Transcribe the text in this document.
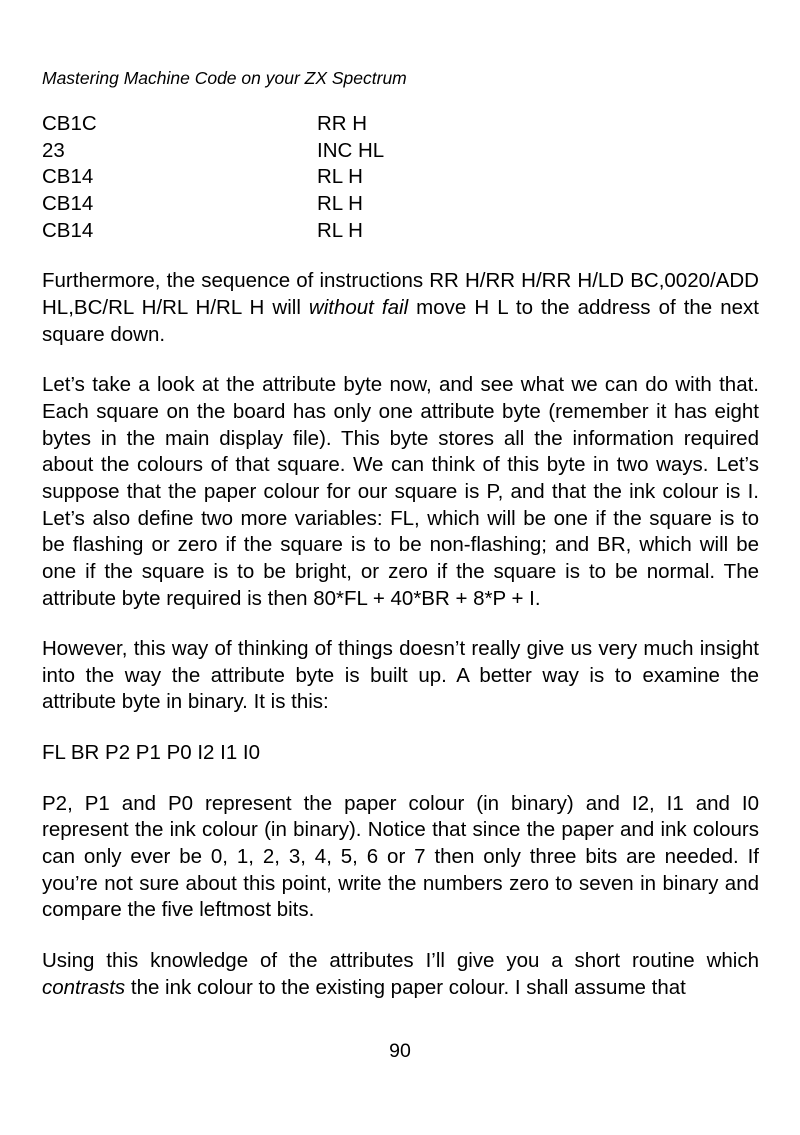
Mastering Machine Code on your ZX Spectrum
CB1C	RR H
23	INC HL
CB14	RL H
CB14	RL H
CB14	RL H

Furthermore, the sequence of instructions RR H/RR H/RR H/LD BC,0020/ADD HL,BC/RL H/RL H/RL H will without fail move H L to the address of the next square down.

Let’s take a look at the attribute byte now, and see what we can do with that. Each square on the board has only one attribute byte (remember it has eight bytes in the main display file). This byte stores all the information required about the colours of that square. We can think of this byte in two ways. Let’s suppose that the paper colour for our square is P, and that the ink colour is I. Let’s also define two more variables: FL, which will be one if the square is to be flashing or zero if the square is to be non-flashing; and BR, which will be one if the square is to be bright, or zero if the square is to be normal. The attribute byte required is then 80*FL + 40*BR + 8*P + I.

However, this way of thinking of things doesn’t really give us very much insight into the way the attribute byte is built up. A better way is to examine the attribute byte in binary. It is this:

FL BR P2 P1 P0 I2 I1 I0

P2, P1 and P0 represent the paper colour (in binary) and I2, I1 and I0 represent the ink colour (in binary). Notice that since the paper and ink colours can only ever be 0, 1, 2, 3, 4, 5, 6 or 7 then only three bits are needed. If you’re not sure about this point, write the numbers zero to seven in binary and compare the five leftmost bits.

Using this knowledge of the attributes I’ll give you a short routine which contrasts the ink colour to the existing paper colour. I shall assume that

90
